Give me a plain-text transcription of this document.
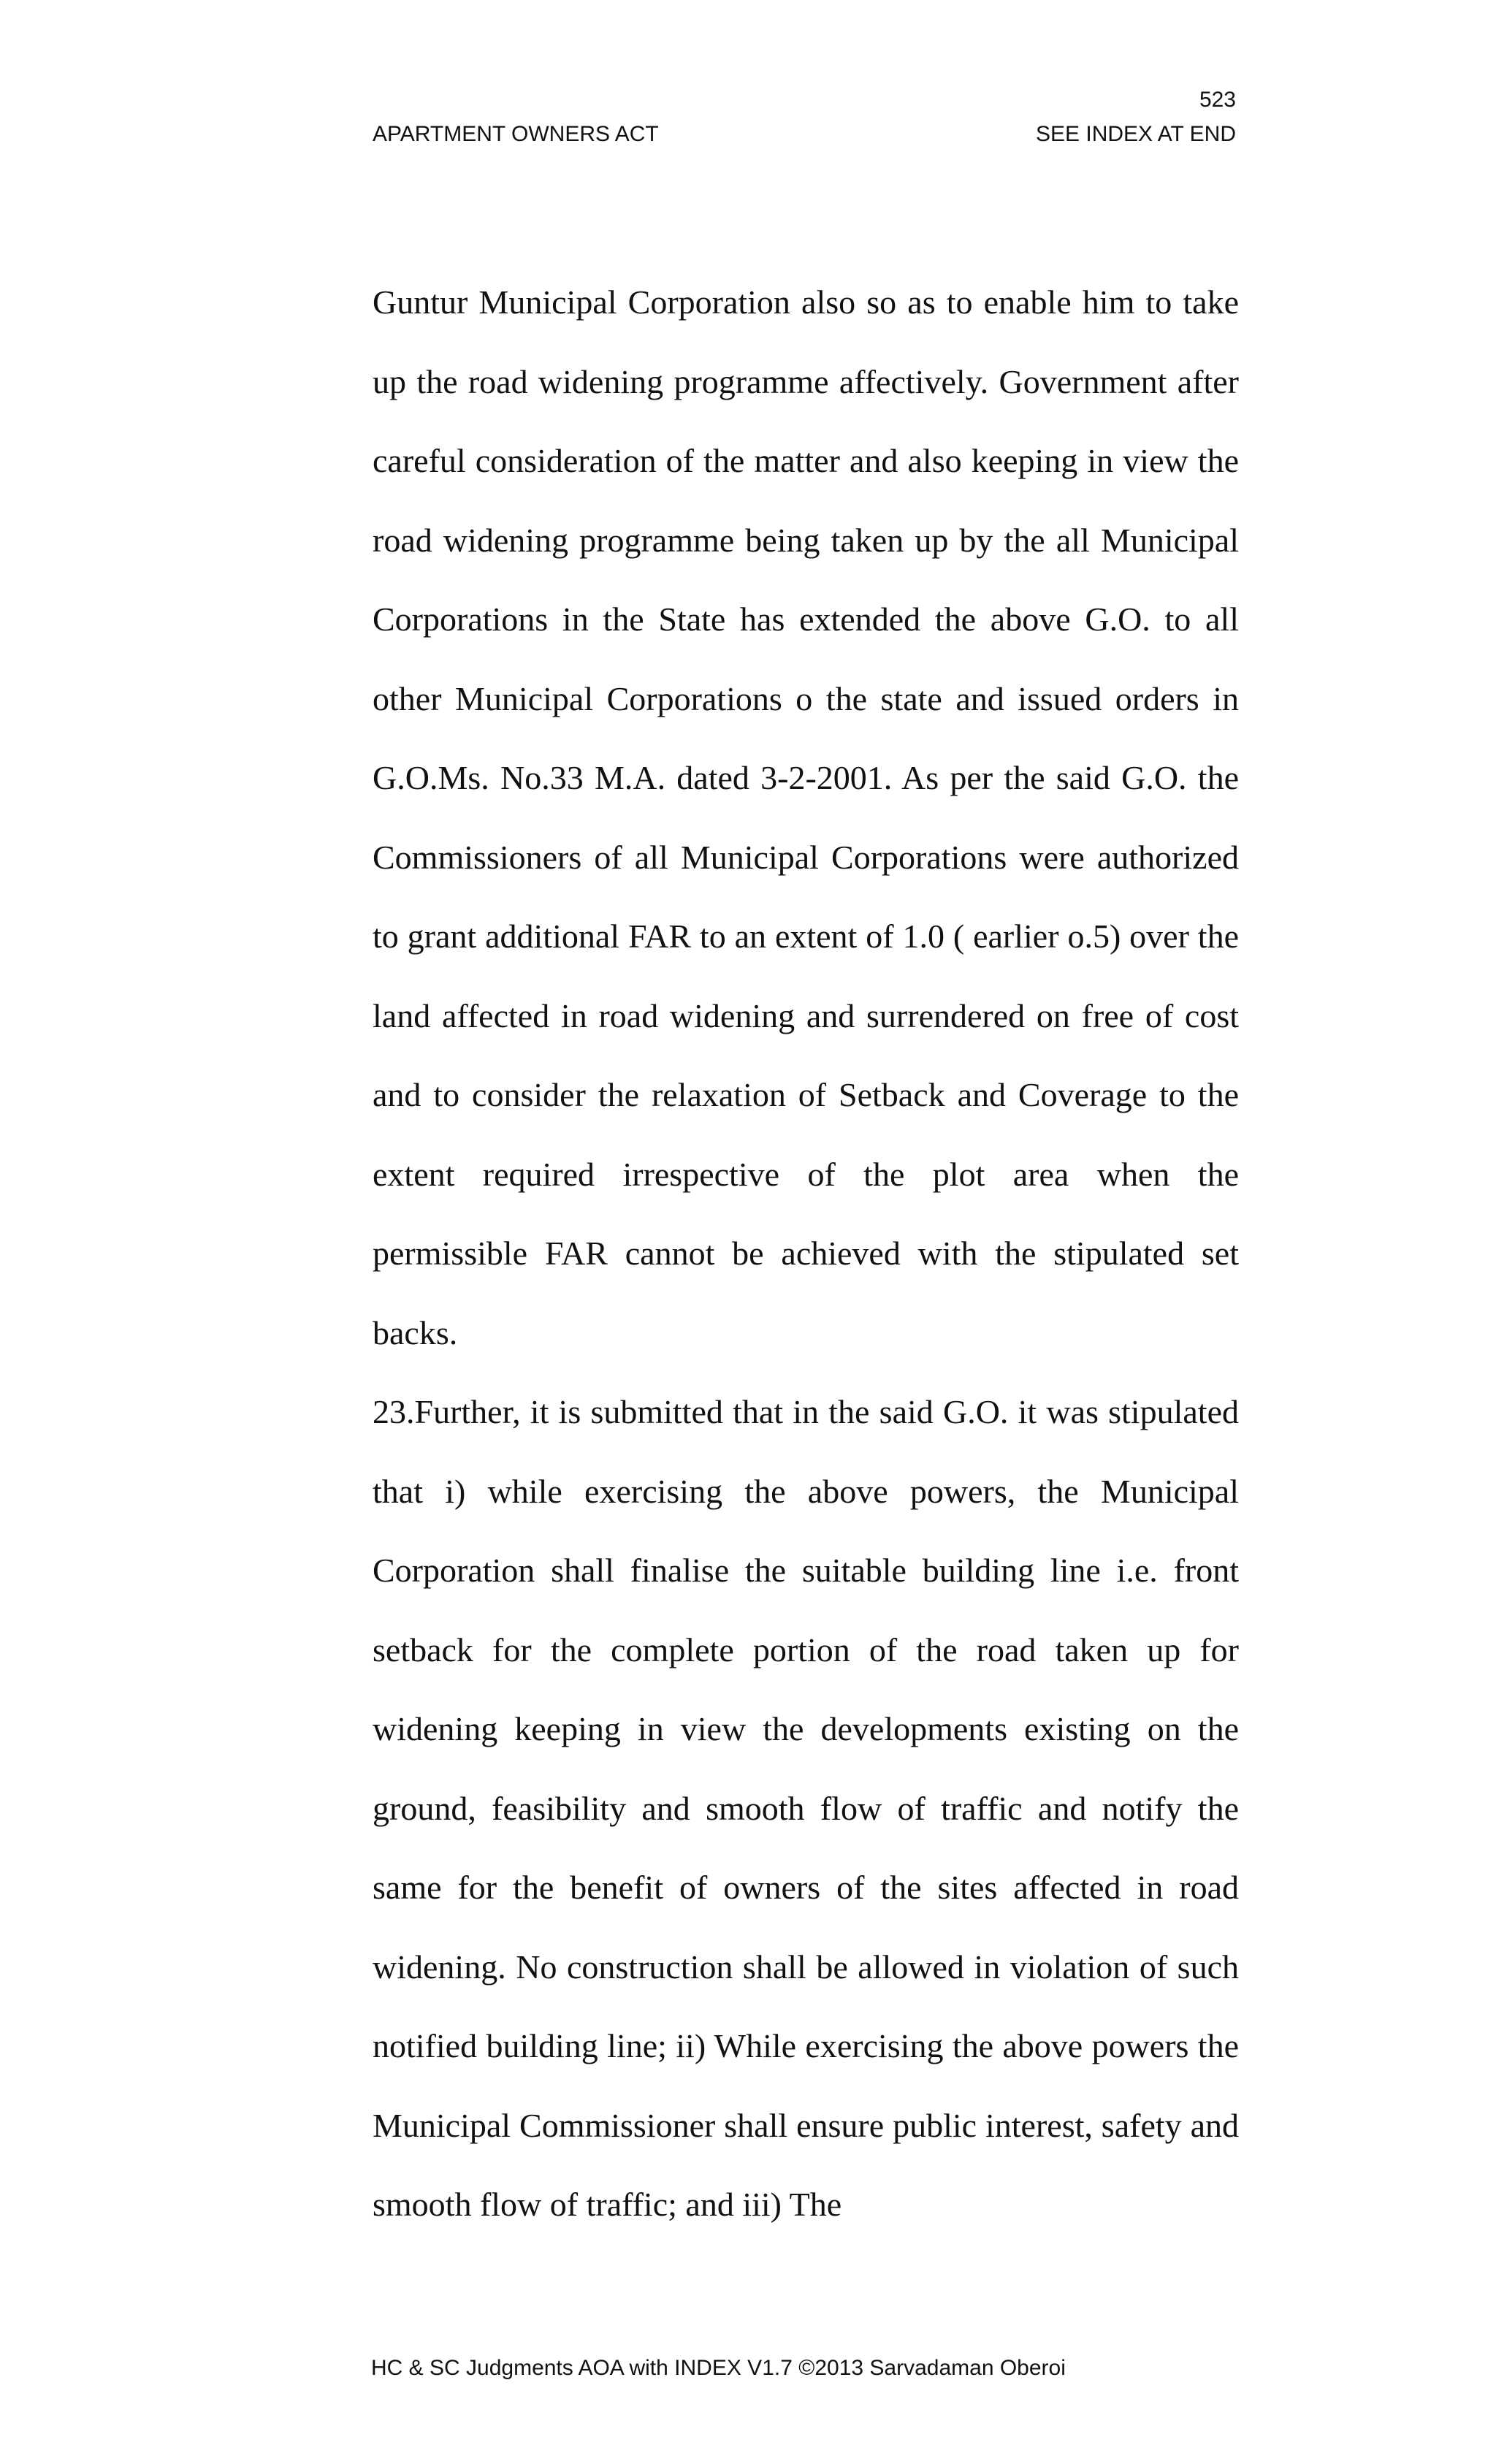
523
APARTMENT OWNERS ACT	SEE INDEX AT END

Guntur Municipal Corporation also so as to enable him to take up the road widening programme affectively. Government after careful consideration of the matter and also keeping in view the road widening programme being taken up by the all Municipal Corporations in the State has extended the above G.O. to all other Municipal Corporations o the state and issued orders in G.O.Ms. No.33 M.A. dated 3-2-2001. As per the said G.O. the Commissioners of all Municipal Corporations were authorized to grant additional FAR to an extent of 1.0 ( earlier o.5) over the land affected in road widening and surrendered on free of cost and to consider the relaxation of Setback and Coverage to the extent required irrespective of the plot area when the permissible FAR cannot be achieved with the stipulated set backs.

23.Further, it is submitted that in the said G.O. it was stipulated that i) while exercising the above powers, the Municipal Corporation shall finalise the suitable building line i.e. front setback for the complete portion of the road taken up for widening keeping in view the developments existing on the ground, feasibility and smooth flow of traffic and notify the same for the benefit of owners of the sites affected in road widening. No construction shall be allowed in violation of such notified building line; ii) While exercising the above powers the Municipal Commissioner shall ensure public interest, safety and smooth flow of traffic; and iii) The

HC & SC Judgments AOA with INDEX V1.7 ©2013 Sarvadaman Oberoi
